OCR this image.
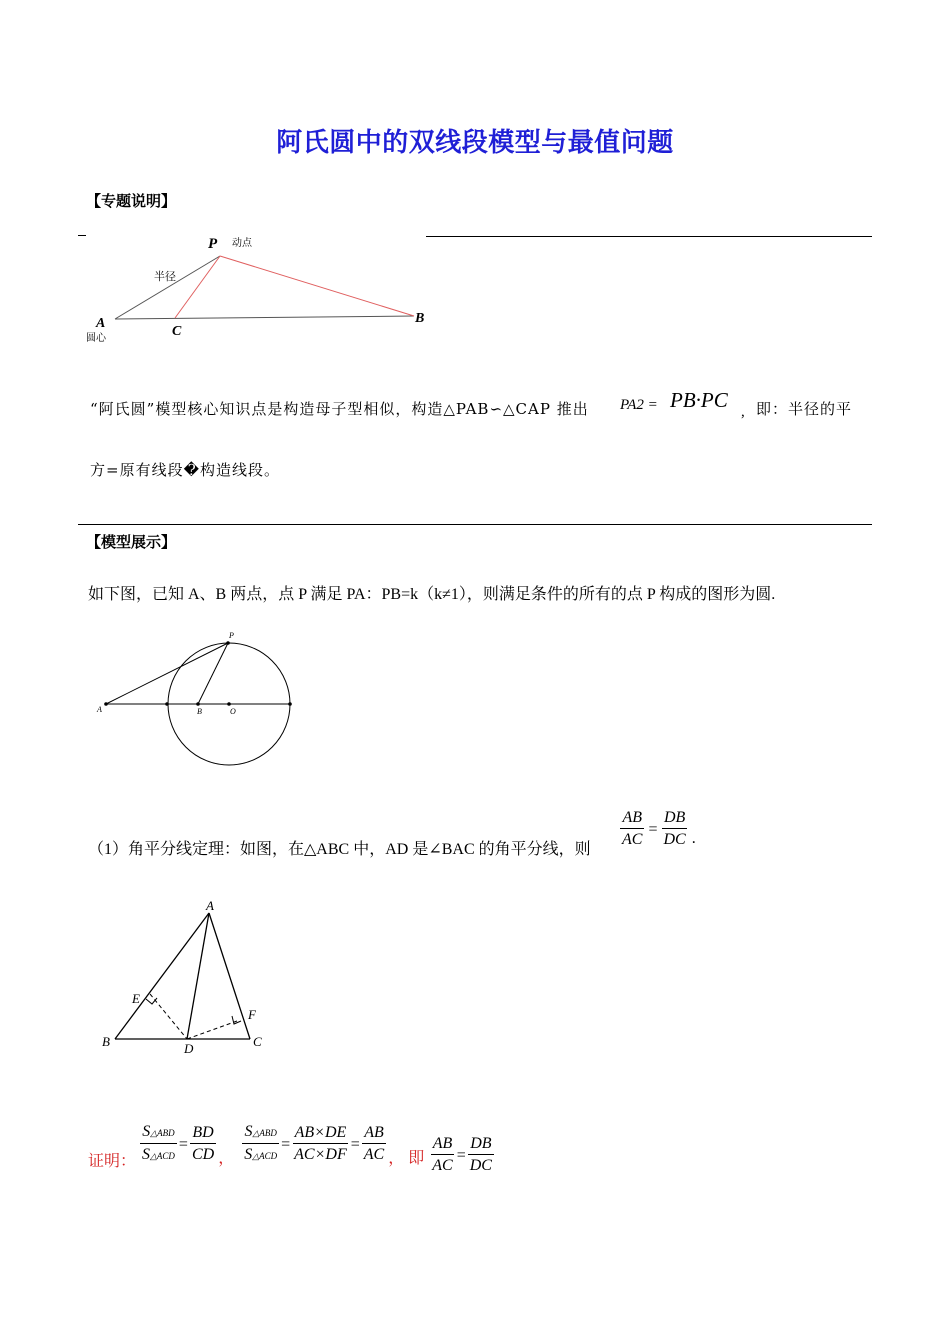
阿氏圆中的双线段模型与最值问题
【专题说明】
P 动点
半径
A
圆心	C
B
“阿氏圆”模型核心知识点是构造母子型相似，构造△PAB∽△CAP 推出 PA2 = PB·PC , 即：半径的平
方=原有线段�构造线段。
【模型展示】
如下图，已知 A、B 两点，点 P 满足 PA：PB=k（k≠1），则满足条件的所有的点 P 构成的图形为圆.
P
A	B	O
（1）角平分线定理：如图，在△ABC 中，AD 是∠BAC 的角平分线，则 $\frac{AB}{AC} = \frac{DB}{DC}$ .
A
B	C
D
E
F
证明： $\frac{\text{S△ABD}}{\text{S△ACD}} = \frac{BD}{CD}$ ， $\frac{\text{S△ABD}}{\text{S△ACD}} = \frac{AB\times DE}{AC\times DF} = \frac{AB}{AC}$ ， 即 $\frac{AB}{AC} = \frac{DB}{DC}$
